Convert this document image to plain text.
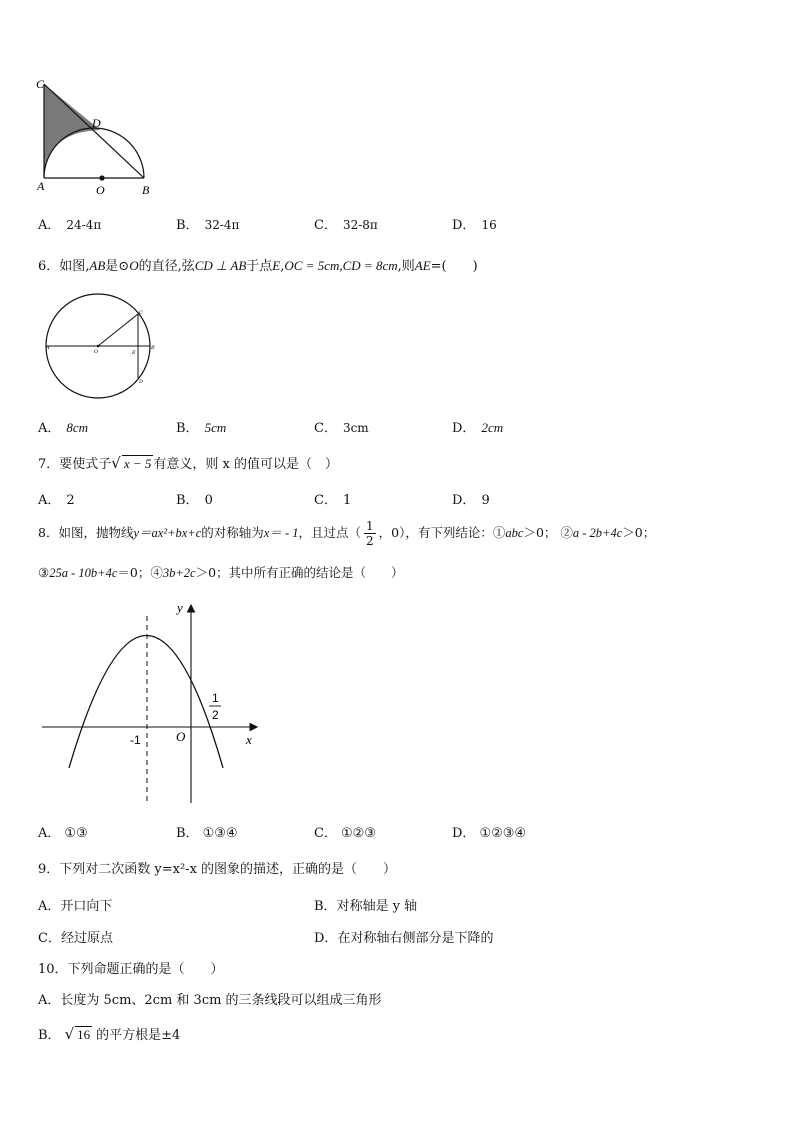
C
D
A	O	B
A． 24-4π	B． 32-4π	C． 32-8π	D． 16
6．如图,AB是⊙O的直径,弦CD ⊥ AB于点E,OC = 5cm,CD = 8cm,则AE=(　　)
A
O	E
B
C
D
A． 8cm	B． 5cm	C． 3cm	D． 2cm
7．要使式子√ x − 5 有意义，则 x 的值可以是（　）
A． 2	B． 0	C． 1	D． 9
8．如图，抛物线y＝ax²+bx+c的对称轴为x＝ - 1，且过点（ $\frac{1}{2}$ ，0），有下列结论：①abc＞0； ②a - 2b+4c＞0；
③25a - 10b+4c＝0；④3b+2c＞0；其中所有正确的结论是（　　）
y
x
-1	O
1
2
A． ①③	B． ①③④	C． ①②③	D． ①②③④
9．下列对二次函数 y=x²-x 的图象的描述，正确的是（　　）
A．开口向下	B．对称轴是 y 轴
C．经过原点	D．在对称轴右侧部分是下降的
10．下列命题正确的是（　　）
A．长度为 5cm、2cm 和 3cm 的三条线段可以组成三角形
B． √ 16 的平方根是±4
